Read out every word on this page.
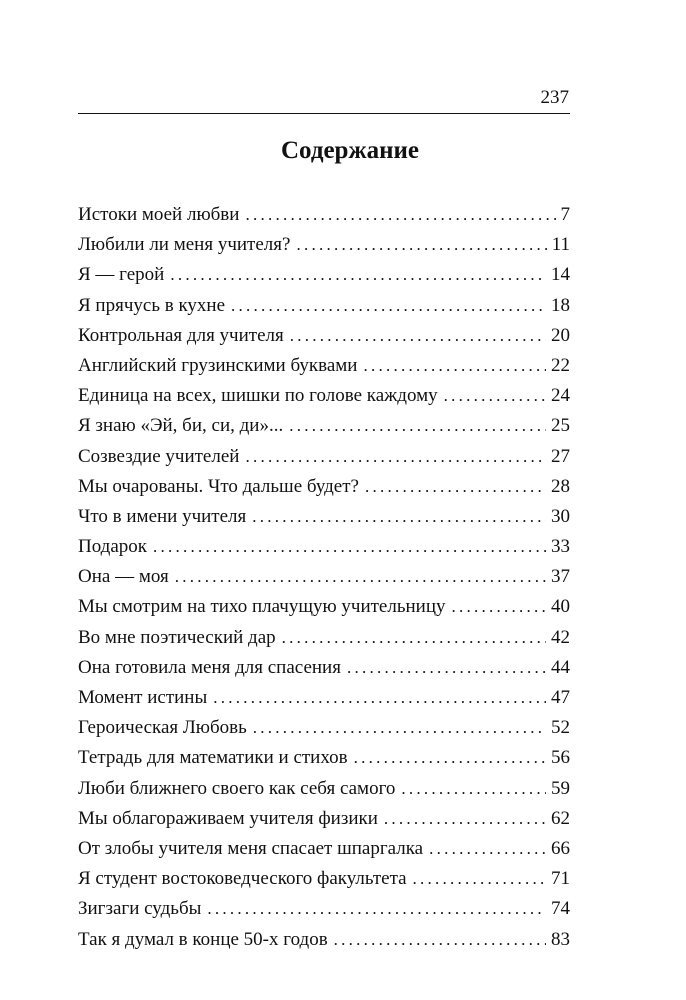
237
Содержание
Истоки моей любви . . .	7
Любили ли меня учителя? . . .	11
Я — герой . . .	14
Я прячусь в кухне . . .	18
Контрольная для учителя . . .	20
Английский грузинскими буквами . . .	22
Единица на всех, шишки по голове каждому . . .	24
Я знаю «Эй, би, си, ди»... . . .	25
Созвездие учителей . . .	27
Мы очарованы. Что дальше будет? . . .	28
Что в имени учителя . . .	30
Подарок . . .	33
Она — моя . . .	37
Мы смотрим на тихо плачущую учительницу . . .	40
Во мне поэтический дар . . .	42
Она готовила меня для спасения . . .	44
Момент истины . . .	47
Героическая Любовь . . .	52
Тетрадь для математики и стихов . . .	56
Люби ближнего своего как себя самого . . .	59
Мы облагораживаем учителя физики . . .	62
От злобы учителя меня спасает шпаргалка . . .	66
Я студент востоковедческого факультета . . .	71
Зигзаги судьбы . . .	74
Так я думал в конце 50-х годов . . .	83
